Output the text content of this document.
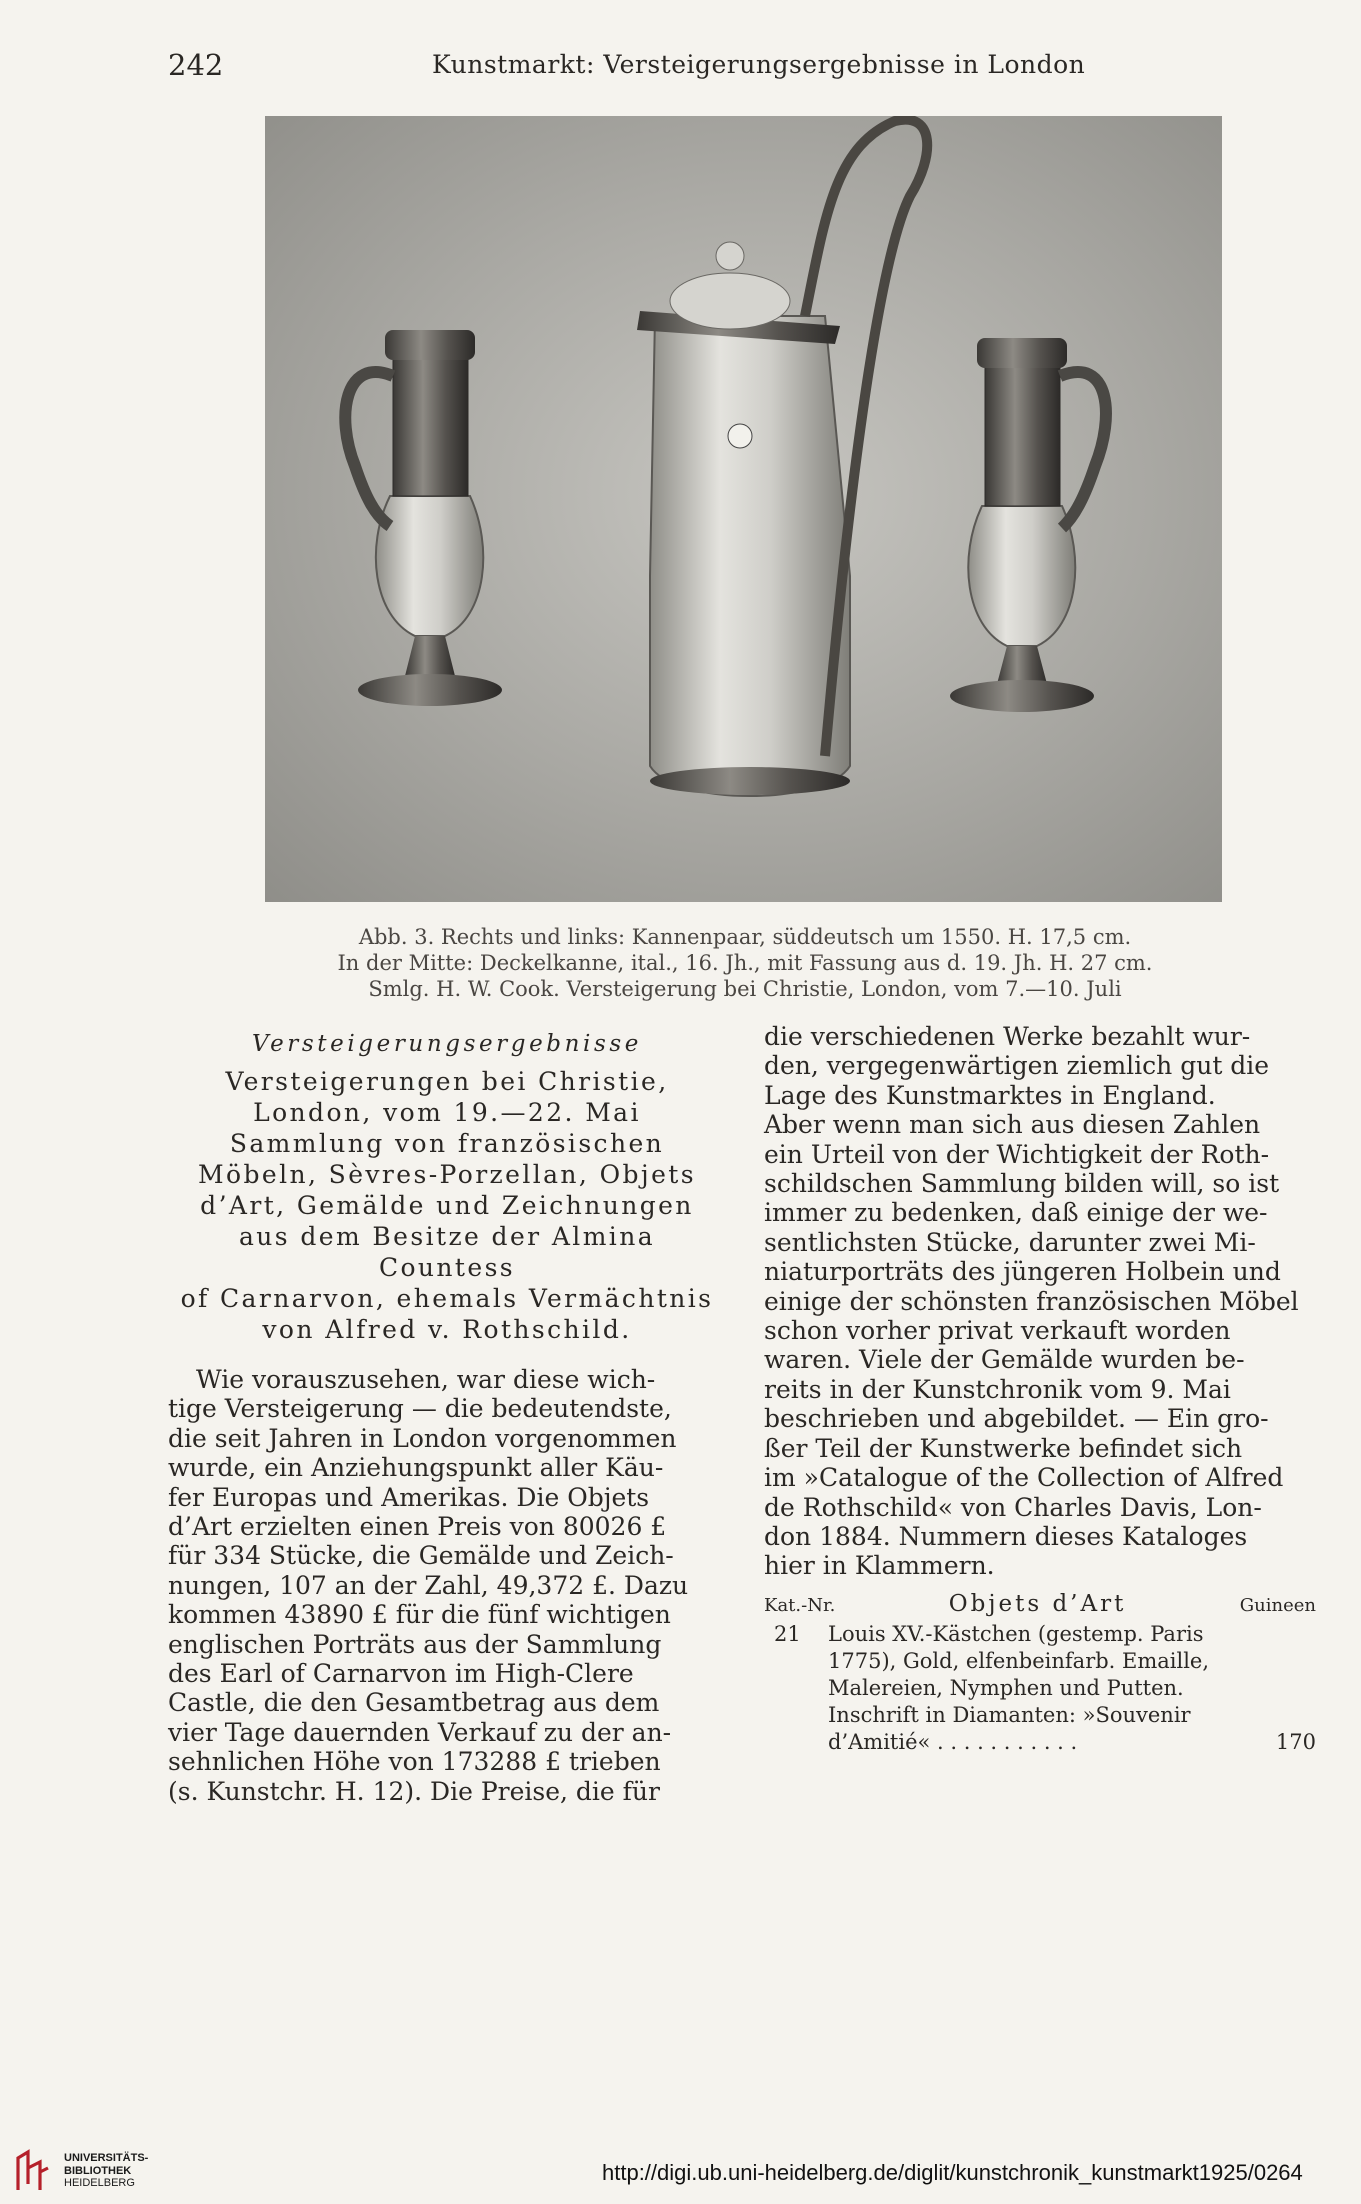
242	Kunstmarkt: Versteigerungsergebnisse in London
Abb. 3. Rechts und links: Kannenpaar, süddeutsch um 1550. H. 17,5 cm.
In der Mitte: Deckelkanne, ital., 16. Jh., mit Fassung aus d. 19. Jh. H. 27 cm.
Smlg. H. W. Cook. Versteigerung bei Christie, London, vom 7.—10. Juli
Versteigerungsergebnisse
Versteigerungen bei Christie,
London, vom 19.—22. Mai
Sammlung von französischen
Möbeln, Sèvres-Porzellan, Objets
d’Art, Gemälde und Zeichnungen
aus dem Besitze der Almina Countess
of Carnarvon, ehemals Vermächtnis
von Alfred v. Rothschild.
Wie vorauszusehen, war diese wich-
tige Versteigerung — die bedeutendste,
die seit Jahren in London vorgenommen
wurde, ein Anziehungspunkt aller Käu-
fer Europas und Amerikas. Die Objets
d’Art erzielten einen Preis von 80026 £
für 334 Stücke, die Gemälde und Zeich-
nungen, 107 an der Zahl, 49,372 £. Dazu
kommen 43890 £ für die fünf wichtigen
englischen Porträts aus der Sammlung
des Earl of Carnarvon im High-Clere
Castle, die den Gesamtbetrag aus dem
vier Tage dauernden Verkauf zu der an-
sehnlichen Höhe von 173288 £ trieben
(s. Kunstchr. H. 12). Die Preise, die für
die verschiedenen Werke bezahlt wur-
den, vergegenwärtigen ziemlich gut die
Lage des Kunstmarktes in England.
Aber wenn man sich aus diesen Zahlen
ein Urteil von der Wichtigkeit der Roth-
schildschen Sammlung bilden will, so ist
immer zu bedenken, daß einige der we-
sentlichsten Stücke, darunter zwei Mi-
niaturporträts des jüngeren Holbein und
einige der schönsten französischen Möbel
schon vorher privat verkauft worden
waren. Viele der Gemälde wurden be-
reits in der Kunstchronik vom 9. Mai
beschrieben und abgebildet. — Ein gro-
ßer Teil der Kunstwerke befindet sich
im »Catalogue of the Collection of Alfred
de Rothschild« von Charles Davis, Lon-
don 1884. Nummern dieses Kataloges
hier in Klammern.
Kat.-Nr.	Objets d’Art	Guineen
21	Louis XV.-Kästchen (gestemp. Paris
1775), Gold, elfenbeinfarb. Emaille,
Malereien, Nymphen und Putten.
Inschrift in Diamanten: »Souvenir
d’Amitié« . . . . . . . . . . .	170
UNIVERSITÄTS-
BIBLIOTHEK
HEIDELBERG	http://digi.ub.uni-heidelberg.de/diglit/kunstchronik_kunstmarkt1925/0264
